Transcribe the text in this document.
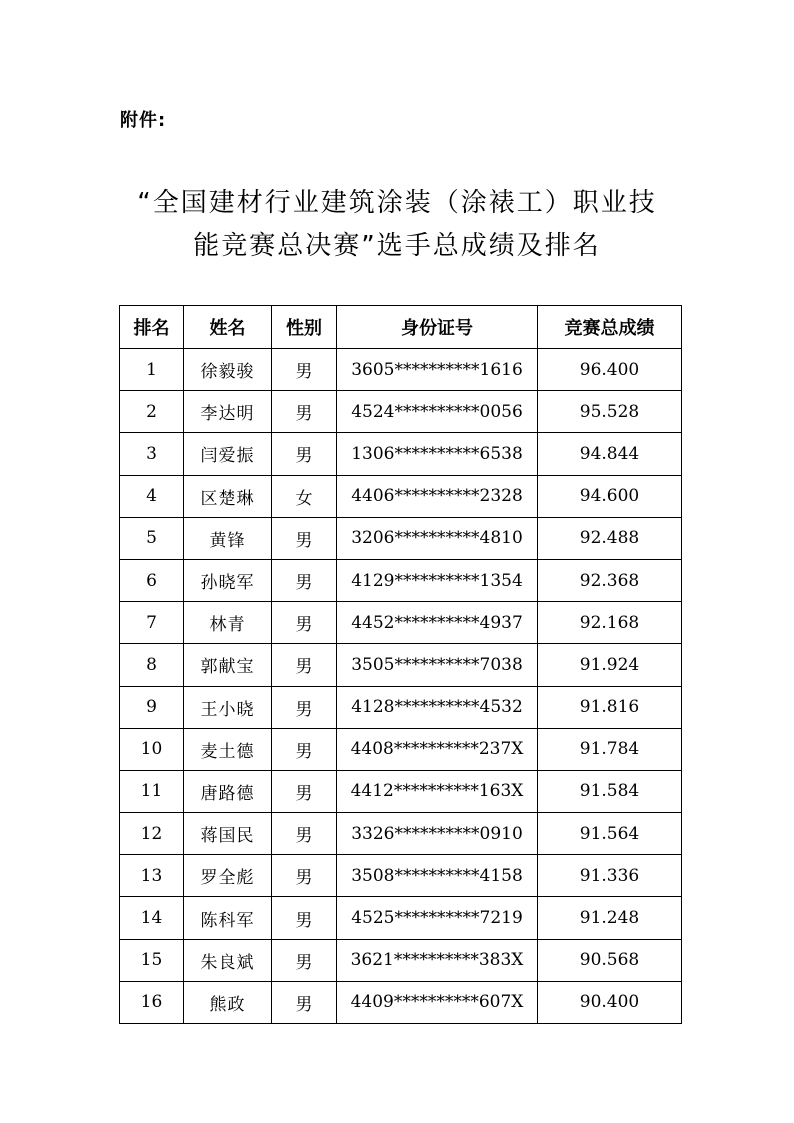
附件:
“全国建材行业建筑涂装（涂裱工）职业技
能竞赛总决赛”选手总成绩及排名
排名	姓名	性别	身份证号	竞赛总成绩
1	徐毅骏	男	3605**********1616	96.400
2	李达明	男	4524**********0056	95.528
3	闫爱振	男	1306**********6538	94.844
4	区楚琳	女	4406**********2328	94.600
5	黄锋	男	3206**********4810	92.488
6	孙晓军	男	4129**********1354	92.368
7	林青	男	4452**********4937	92.168
8	郭献宝	男	3505**********7038	91.924
9	王小晓	男	4128**********4532	91.816
10	麦土德	男	4408**********237X	91.784
11	唐路德	男	4412**********163X	91.584
12	蒋国民	男	3326**********0910	91.564
13	罗全彪	男	3508**********4158	91.336
14	陈科军	男	4525**********7219	91.248
15	朱良斌	男	3621**********383X	90.568
16	熊政	男	4409**********607X	90.400
